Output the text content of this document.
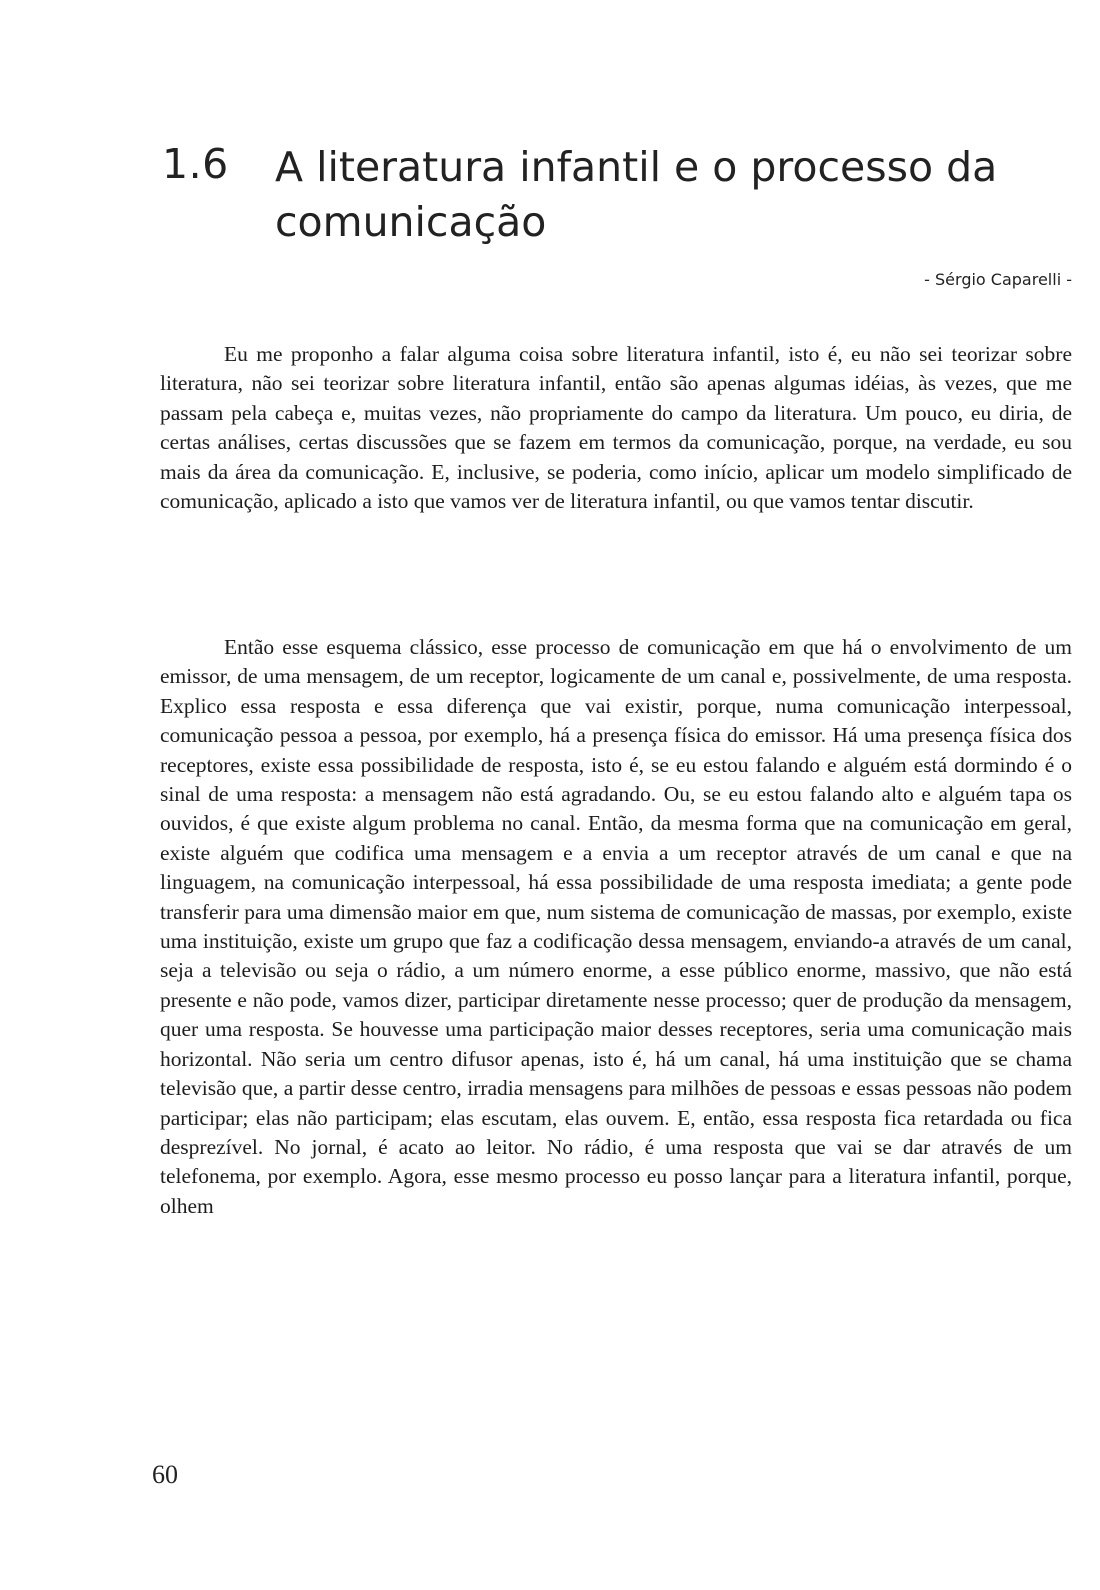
1.6 A literatura infantil e o processo da comunicação
- Sérgio Caparelli -

Eu me proponho a falar alguma coisa sobre literatura infantil, isto é, eu não sei teorizar sobre literatura, não sei teorizar sobre literatura infantil, então são apenas algumas idéias, às vezes, que me passam pela cabeça e, muitas vezes, não propriamente do campo da literatura. Um pouco, eu diria, de certas análises, certas discussões que se fazem em termos da comunicação, porque, na verdade, eu sou mais da área da comunicação. E, inclusive, se poderia, como início, aplicar um modelo simplificado de comunicação, aplicado a isto que vamos ver de literatura infantil, ou que vamos tentar discutir.

Então esse esquema clássico, esse processo de comunicação em que há o envolvimento de um emissor, de uma mensagem, de um receptor, logicamente de um canal e, possivelmente, de uma resposta. Explico essa resposta e essa diferença que vai existir, porque, numa comunicação interpessoal, comunicação pessoa a pessoa, por exemplo, há a presença física do emissor. Há uma presença física dos receptores, existe essa possibilidade de resposta, isto é, se eu estou falando e alguém está dormindo é o sinal de uma resposta: a mensagem não está agradando. Ou, se eu estou falando alto e alguém tapa os ouvidos, é que existe algum problema no canal. Então, da mesma forma que na comunicação em geral, existe alguém que codifica uma mensagem e a envia a um receptor através de um canal e que na linguagem, na comunicação interpessoal, há essa possibilidade de uma resposta imediata; a gente pode transferir para uma dimensão maior em que, num sistema de comunicação de massas, por exemplo, existe uma instituição, existe um grupo que faz a codificação dessa mensagem, enviando-a através de um canal, seja a televisão ou seja o rádio, a um número enorme, a esse público enorme, massivo, que não está presente e não pode, vamos dizer, participar diretamente nesse processo; quer de produção da mensagem, quer uma resposta. Se houvesse uma participação maior desses receptores, seria uma comunicação mais horizontal. Não seria um centro difusor apenas, isto é, há um canal, há uma instituição que se chama televisão que, a partir desse centro, irradia mensagens para milhões de pessoas e essas pessoas não podem participar; elas não participam; elas escutam, elas ouvem. E, então, essa resposta fica retardada ou fica desprezível. No jornal, é acato ao leitor. No rádio, é uma resposta que vai se dar através de um telefonema, por exemplo. Agora, esse mesmo processo eu posso lançar para a literatura infantil, porque, olhem

60
